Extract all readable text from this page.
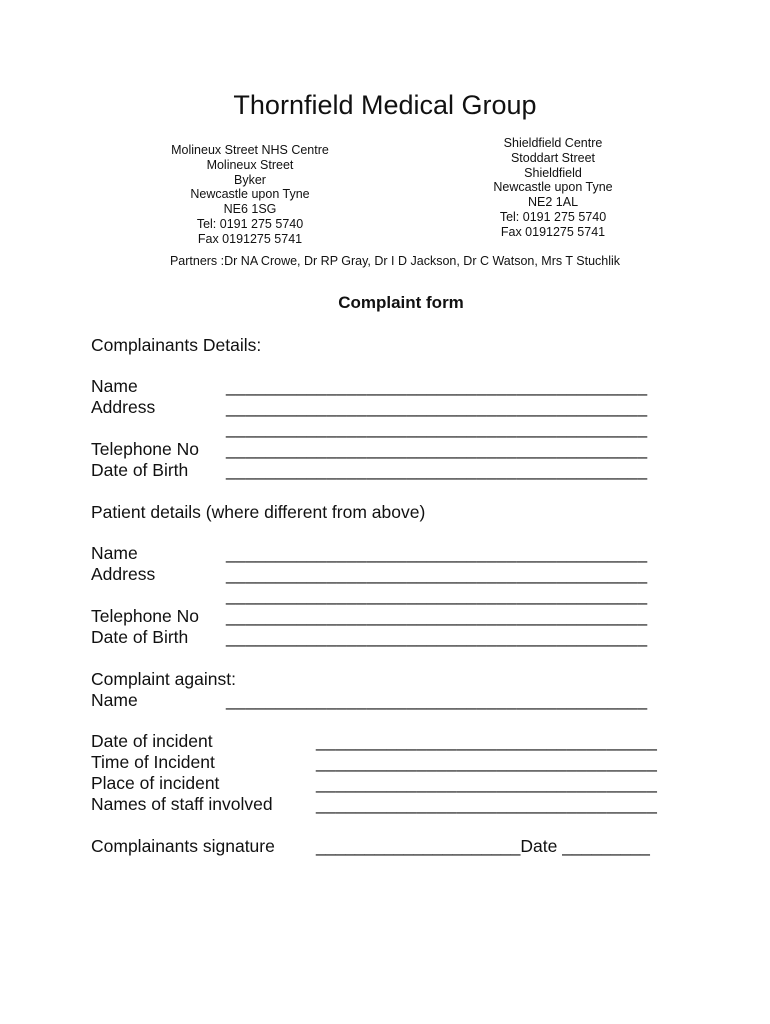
Thornfield Medical Group
Molineux Street NHS Centre
Molineux Street
Byker
Newcastle upon Tyne
NE6 1SG
Tel: 0191 275 5740
Fax 0191275 5741
Shieldfield Centre
Stoddart Street
Shieldfield
Newcastle upon Tyne
NE2 1AL
Tel: 0191 275 5740
Fax 0191275 5741
Partners :Dr NA Crowe, Dr RP Gray, Dr I D Jackson, Dr C Watson, Mrs T Stuchlik
Complaint form
Complainants Details:
Name	__________________________________________
Address	__________________________________________
__________________________________________
Telephone No __________________________________________
Date of Birth __________________________________________
Patient details (where different from above)
Name	__________________________________________
Address	__________________________________________
__________________________________________
Telephone No __________________________________________
Date of Birth __________________________________________
Complaint against:
Name	__________________________________________
Date of incident	__________________________________
Time of Incident	__________________________________
Place of incident	__________________________________
Names of staff involved __________________________________
Complainants signature _____________________Date _________
